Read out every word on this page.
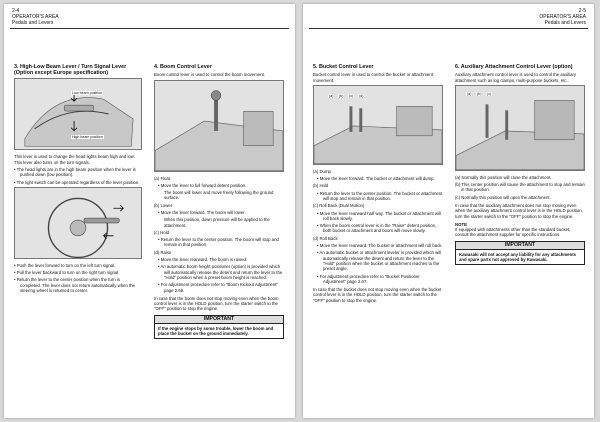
2-4
OPERATOR'S AREA
Pedals and Levers
3. High-Low Beam Lever / Turn Signal Lever (Option except Europe specification)
Low beam position
High beam position

This lever is used to change the head lights beam high and low. This lever also turns on the turn signals.

• The head lights are in the high beam position when the lever is pushed down (low position).

• The light switch can be operated regardless of the lever position.

• Push the lever forward to turn on the left turn signal.

• Pull the lever backward to turn on the right turn signal.

• Return the lever to the center position when the turn is completed. The lever does not return automatically when the steering wheel is returned to center.

4. Boom Control Lever

Boom control lever is used to control the boom movement.

(a) Float

• Move the lever to full forward detent position.

The boom will lower and move freely following the ground surface.

(b) Lower

• Move the lever forward. The boom will lower.

When this position, down pressure will be applied to the attachment.

(c) Hold

• Return the lever to the center position. The boom will stop and remain in that position.

(d) Raise

• Move the lever rearward. The boom is raised.

• An automatic boom height positioner (option) is provided which will automatically release the detent and return the lever to the "Hold" position when a preset boom height is reached.

• For adjustment procedure refer to "Boom Kickout Adjustment" page 2.68.

In case that the boom does not stop moving even when the boom control lever is in the HOLD position, turn the starter switch to the "OFF" position to stop the engine.

IMPORTANT
If the engine stops by some trouble, lower the boom and place the bucket on the ground immediately.
2-5
OPERATOR'S AREA
Pedals and Levers
5. Bucket Control Lever

Bucket control lever is used to control the bucket or attachment movement.

(a) (b) (c) (d)

(a) Dump

• Move the lever forward. The bucket or attachment will dump.

(b) Hold

• Return the lever to the center position. The bucket or attachment will stop and remain in that position.

(c) Roll Back (Dual Motion)

• Move the lever rearward half way. The bucket or attachment will roll back slowly.

• When the boom control lever is in the "Raise" detent position, both bucket or attachment and boom will move slowly.

(d) Roll Back

• Move the lever rearward. The bucket or attachment will roll back.

• An automatic bucket or attachment leveler is provided which will automatically release the detent and return the lever to the "Hold" position when the bucket or attachment reaches to the preset angle.

• For adjustment procedure refer to "Bucket Positioner Adjustment" page 2.67.

In case that the bucket does not stop moving even when the bucket control lever is in the HOLD position, turn the starter switch to the "OFF" position to stop the engine.

6. Auxiliary Attachment Control Lever (option)

Auxiliary attachment control lever is used to control the auxiliary attachment such as log clamps, multi-purpose buckets, etc..

(a) (b) (c)

(a) Normally this position will close the attachment.

(b) This center position will cause the attachment to stop and remain in that position.

(c) Normally this position will open the attachment.

In case that the auxiliary attachment does not stop moving even when the auxiliary attachment control lever is in the HOLD position, turn the starter switch to the "OFF" position to stop the engine.

NOTE

If equipped with attachments other than the standard bucket, consult the attachment supplier for specific instructions.

IMPORTANT
Kawasaki will not accept any liability for any attachments and spare parts not approved by Kawasaki.
